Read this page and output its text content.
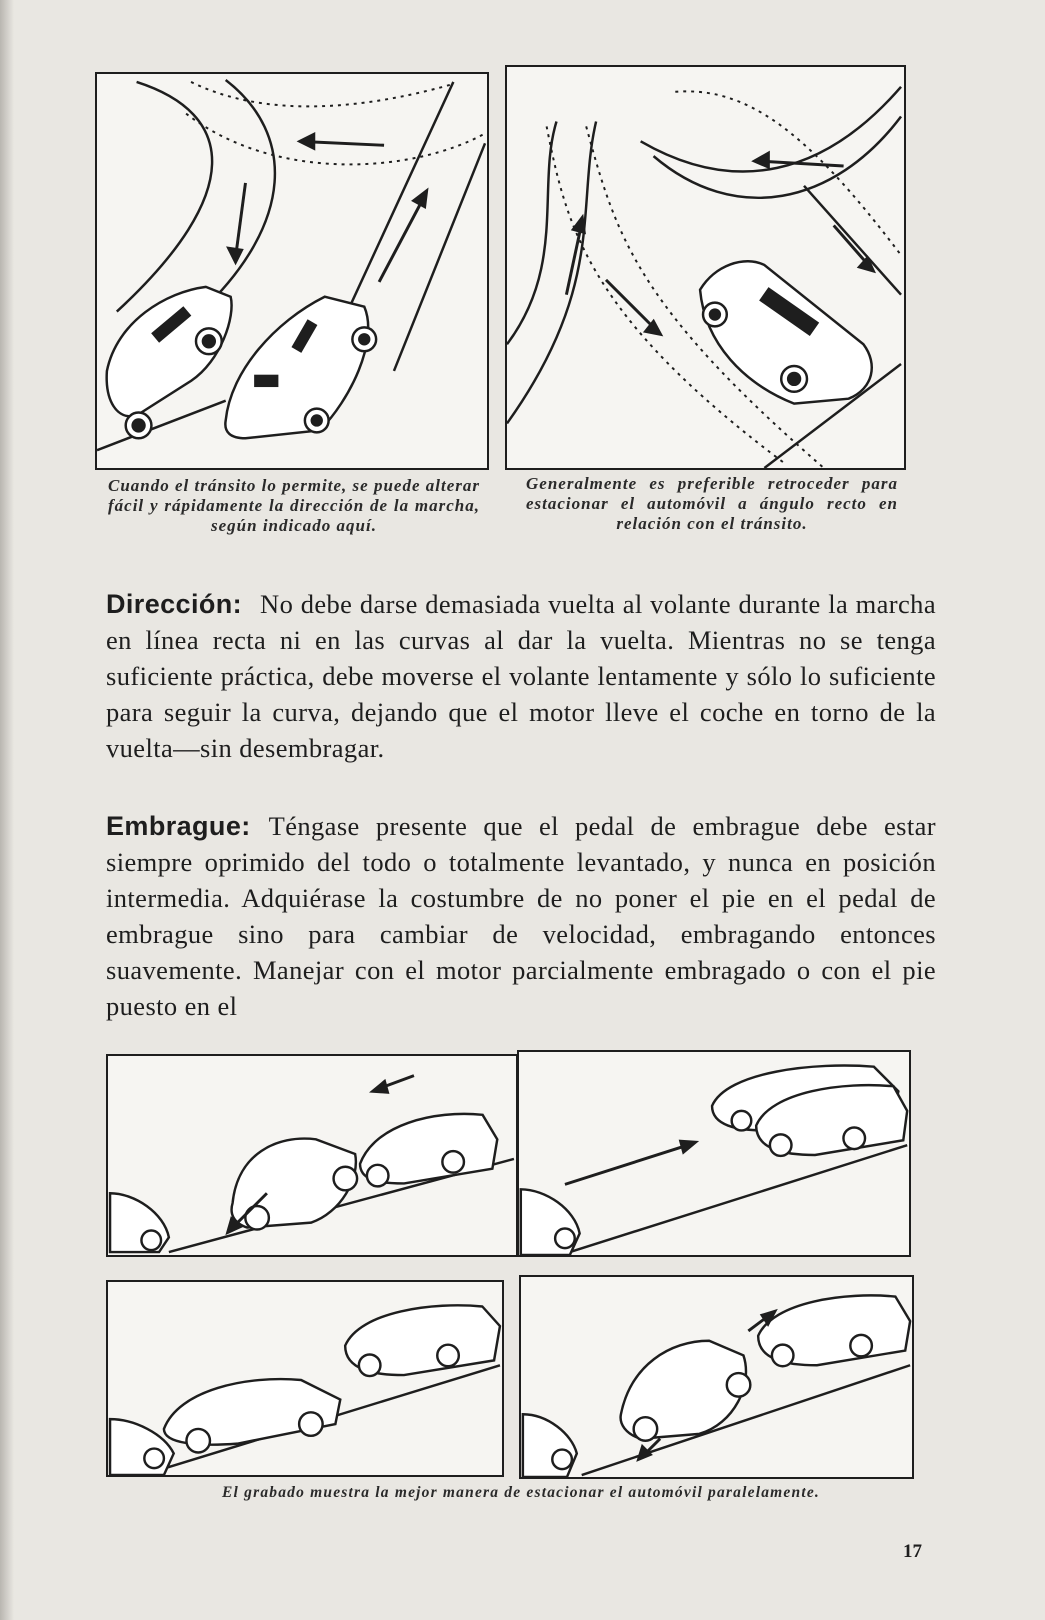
Cuando el tránsito lo permite, se puede alterar fácil y rápidamente la dirección de la marcha, según indicado aquí.
Generalmente es preferible retroceder para estacionar el automóvil a ángulo recto en relación con el tránsito.
Dirección: No debe darse demasiada vuelta al volante durante la marcha en línea recta ni en las curvas al dar la vuelta. Mientras no se tenga suficiente práctica, debe moverse el volante lentamente y sólo lo suficiente para seguir la curva, dejando que el motor lleve el coche en torno de la vuelta—sin desembragar.
Embrague: Téngase presente que el pedal de embrague debe estar siempre oprimido del todo o totalmente levantado, y nunca en posición intermedia. Adquiérase la costumbre de no poner el pie en el pedal de embrague sino para cambiar de velocidad, embragando entonces suavemente. Manejar con el motor parcialmente embragado o con el pie puesto en el
El grabado muestra la mejor manera de estacionar el automóvil paralelamente.
17
